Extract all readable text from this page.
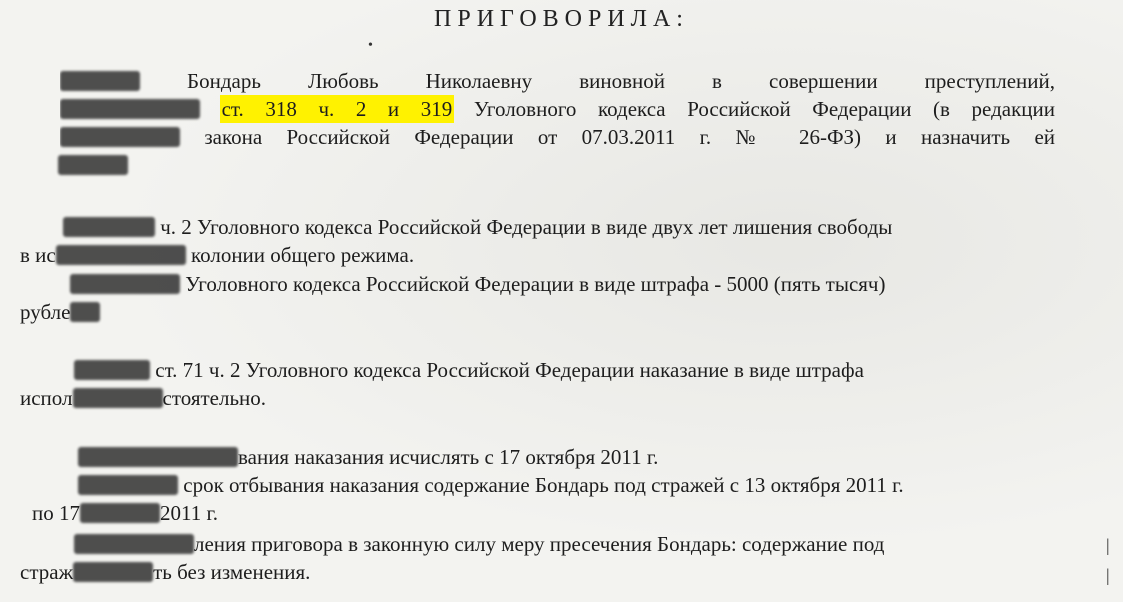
ПРИГОВОРИЛА:
Бондарь Любовь Николаевну виновной в совершении преступлений,
ст. 318 ч. 2 и 319 Уголовного кодекса Российской Федерации (в редакции
закона Российской Федерации от 07.03.2011 г. № 26-ФЗ) и назначить ей
ч. 2 Уголовного кодекса Российской Федерации в виде двух лет лишения свободы
в ис	колонии общего режима.
Уголовного кодекса Российской Федерации в виде штрафа - 5000 (пять тысяч)
рубле
ст. 71 ч. 2 Уголовного кодекса Российской Федерации наказание в виде штрафа
испол	стоятельно.
вания наказания исчислять с 17 октября 2011 г.
срок отбывания наказания содержание Бондарь под стражей с 13 октября 2011 г.
по 17	2011 г.
ления приговора в законную силу меру пресечения Бондарь: содержание под
страж	ть без изменения.
•
|
|
